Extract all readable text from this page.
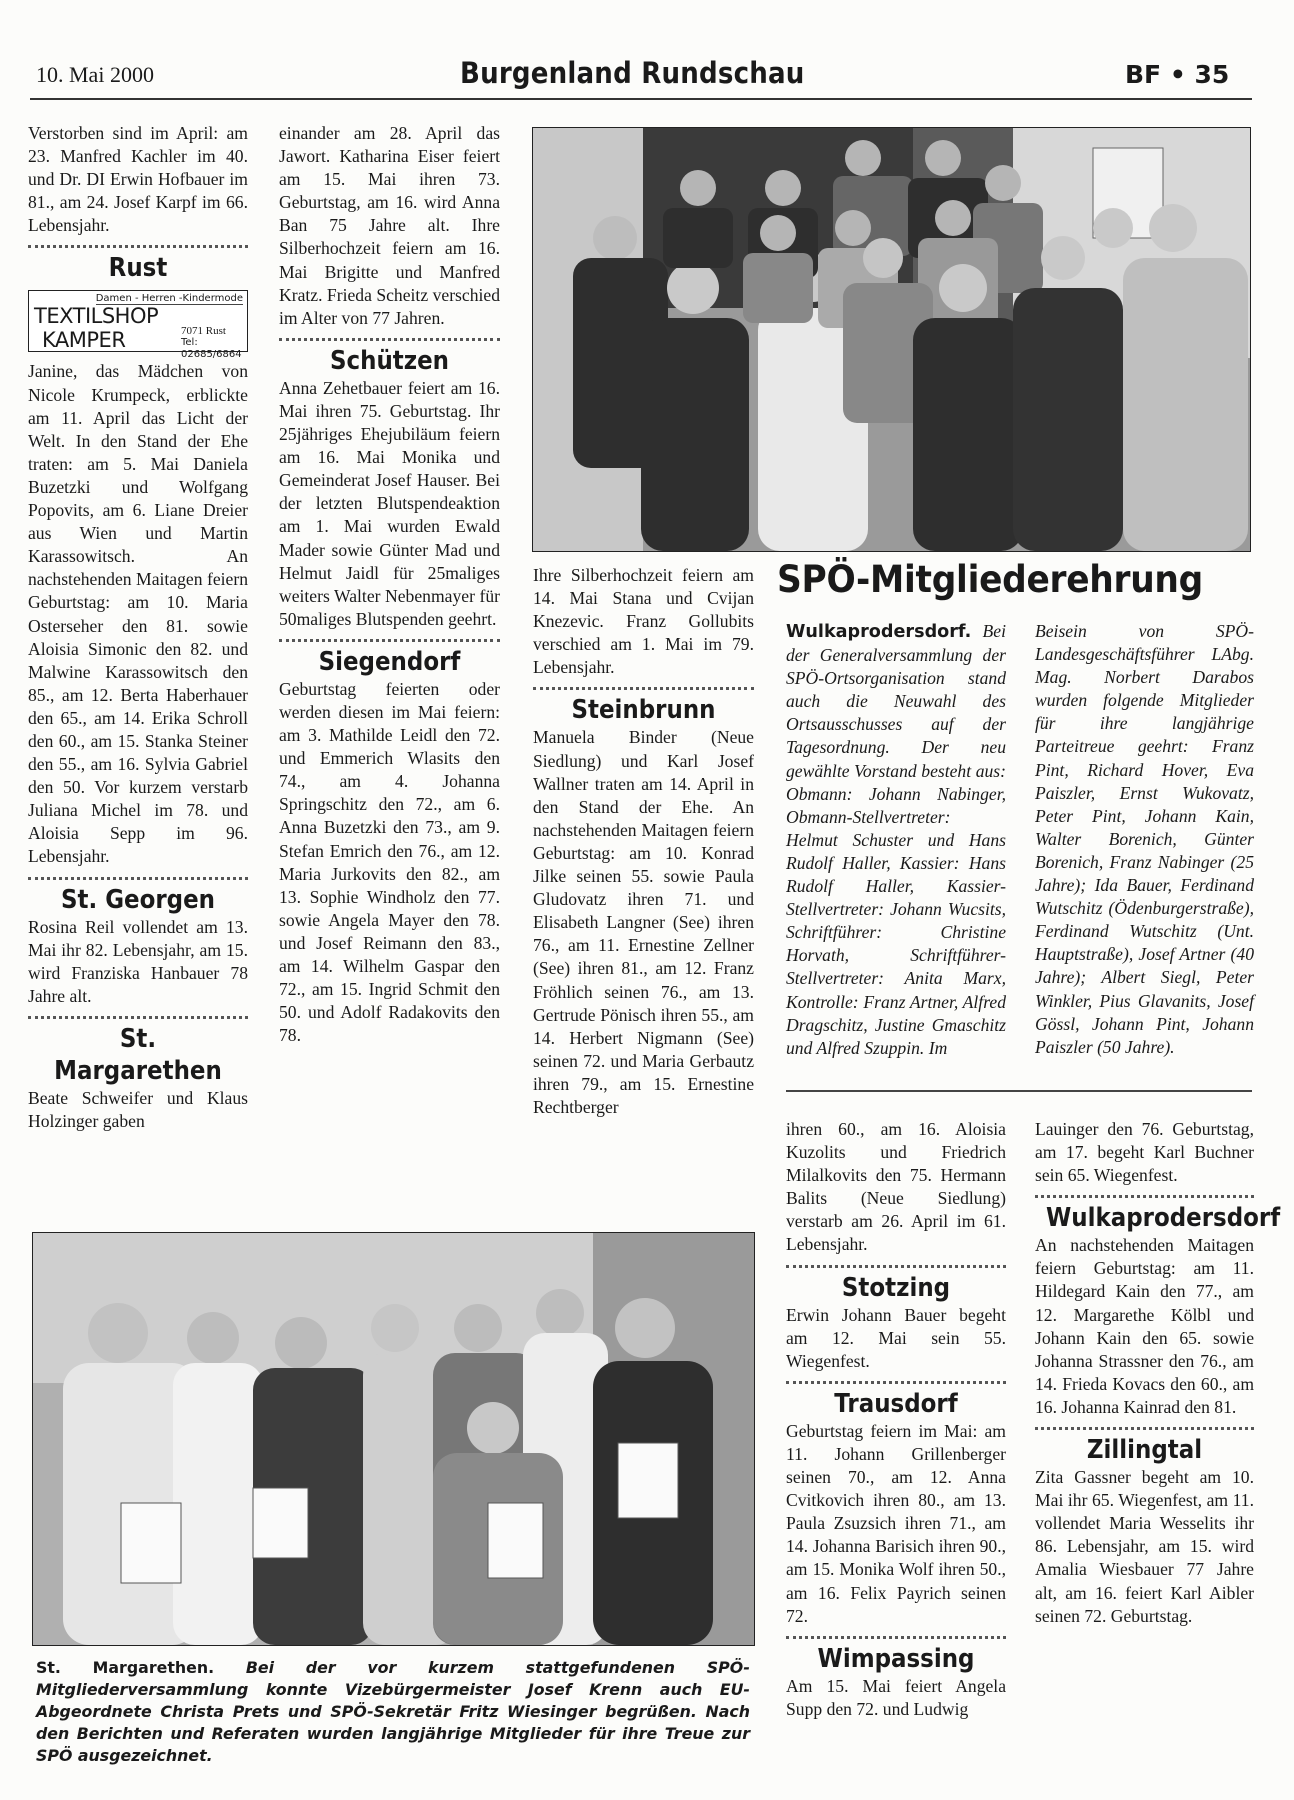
10. Mai 2000	Burgenland Rundschau	BF • 35

Verstorben sind im April: am 23. Manfred Kachler im 40. und Dr. DI Erwin Hofbauer im 81., am 24. Josef Karpf im 66. Lebensjahr.

Rust
Damen - Herren -Kindermode
TEXTILSHOP
KAMPER	7071 Rust
Tel: 02685/6864

Janine, das Mädchen von Nicole Krumpeck, erblickte am 11. April das Licht der Welt. In den Stand der Ehe traten: am 5. Mai Daniela Buzetzki und Wolfgang Popovits, am 6. Liane Dreier aus Wien und Martin Karassowitsch. An nachstehenden Maitagen feiern Geburtstag: am 10. Maria Osterseher den 81. sowie Aloisia Simonic den 82. und Malwine Karassowitsch den 85., am 12. Berta Haberhauer den 65., am 14. Erika Schroll den 60., am 15. Stanka Steiner den 55., am 16. Sylvia Gabriel den 50. Vor kurzem verstarb Juliana Michel im 78. und Aloisia Sepp im 96. Lebensjahr.

St. Georgen

Rosina Reil vollendet am 13. Mai ihr 82. Lebensjahr, am 15. wird Franziska Hanbauer 78 Jahre alt.

St. Margarethen

Beate Schweifer und Klaus Holzinger gaben

einander am 28. April das Jawort. Katharina Eiser feiert am 15. Mai ihren 73. Geburtstag, am 16. wird Anna Ban 75 Jahre alt. Ihre Silberhochzeit feiern am 16. Mai Brigitte und Manfred Kratz. Frieda Scheitz verschied im Alter von 77 Jahren.

Schützen

Anna Zehetbauer feiert am 16. Mai ihren 75. Geburtstag. Ihr 25jähriges Ehejubiläum feiern am 16. Mai Monika und Gemeinderat Josef Hauser. Bei der letzten Blutspendeaktion am 1. Mai wurden Ewald Mader sowie Günter Mad und Helmut Jaidl für 25maliges weiters Walter Nebenmayer für 50maliges Blutspenden geehrt.

Siegendorf

Geburtstag feierten oder werden diesen im Mai feiern: am 3. Mathilde Leidl den 72. und Emmerich Wlasits den 74., am 4. Johanna Springschitz den 72., am 6. Anna Buzetzki den 73., am 9. Stefan Emrich den 76., am 12. Maria Jurkovits den 82., am 13. Sophie Windholz den 77. sowie Angela Mayer den 78. und Josef Reimann den 83., am 14. Wilhelm Gaspar den 72., am 15. Ingrid Schmit den 50. und Adolf Radakovits den 78.

Ihre Silberhochzeit feiern am 14. Mai Stana und Cvijan Knezevic. Franz Gollubits verschied am 1. Mai im 79. Lebensjahr.

Steinbrunn

Manuela Binder (Neue Siedlung) und Karl Josef Wallner traten am 14. April in den Stand der Ehe. An nachstehenden Maitagen feiern Geburtstag: am 10. Konrad Jilke seinen 55. sowie Paula Gludovatz ihren 71. und Elisabeth Langner (See) ihren 76., am 11. Ernestine Zellner (See) ihren 81., am 12. Franz Fröhlich seinen 76., am 13. Gertrude Pönisch ihren 55., am 14. Herbert Nigmann (See) seinen 72. und Maria Gerbautz ihren 79., am 15. Ernestine Rechtberger

SPÖ-Mitgliederehrung

Wulkaprodersdorf. Bei der Generalversammlung der SPÖ-Ortsorganisation stand auch die Neuwahl des Ortsausschusses auf der Tagesordnung. Der neu gewählte Vorstand besteht aus: Obmann: Johann Nabinger, Obmann-Stellvertreter: Helmut Schuster und Hans Rudolf Haller, Kassier: Hans Rudolf Haller, Kassier-Stellvertreter: Johann Wucsits, Schriftführer: Christine Horvath, Schriftführer-Stellvertreter: Anita Marx, Kontrolle: Franz Artner, Alfred Dragschitz, Justine Gmaschitz und Alfred Szuppin. Im

Beisein von SPÖ-Landesgeschäftsführer LAbg. Mag. Norbert Darabos wurden folgende Mitglieder für ihre langjährige Parteitreue geehrt: Franz Pint, Richard Hover, Eva Paiszler, Ernst Wukovatz, Peter Pint, Johann Kain, Walter Borenich, Günter Borenich, Franz Nabinger (25 Jahre); Ida Bauer, Ferdinand Wutschitz (Ödenburgerstraße), Ferdinand Wutschitz (Unt. Hauptstraße), Josef Artner (40 Jahre); Albert Siegl, Peter Winkler, Pius Glavanits, Josef Gössl, Johann Pint, Johann Paiszler (50 Jahre).

St. Margarethen. Bei der vor kurzem stattgefundenen SPÖ-Mitgliederversammlung konnte Vizebürgermeister Josef Krenn auch EU-Abgeordnete Christa Prets und SPÖ-Sekretär Fritz Wiesinger begrüßen. Nach den Berichten und Referaten wurden langjährige Mitglieder für ihre Treue zur SPÖ ausgezeichnet.

ihren 60., am 16. Aloisia Kuzolits und Friedrich Milalkovits den 75. Hermann Balits (Neue Siedlung) verstarb am 26. April im 61. Lebensjahr.

Stotzing

Erwin Johann Bauer begeht am 12. Mai sein 55. Wiegenfest.

Trausdorf

Geburtstag feiern im Mai: am 11. Johann Grillenberger seinen 70., am 12. Anna Cvitkovich ihren 80., am 13. Paula Zsuzsich ihren 71., am 14. Johanna Barisich ihren 90., am 15. Monika Wolf ihren 50., am 16. Felix Payrich seinen 72.

Wimpassing

Am 15. Mai feiert Angela Supp den 72. und Ludwig

Lauinger den 76. Geburtstag, am 17. begeht Karl Buchner sein 65. Wiegenfest.

Wulkaprodersdorf

An nachstehenden Maitagen feiern Geburtstag: am 11. Hildegard Kain den 77., am 12. Margarethe Kölbl und Johann Kain den 65. sowie Johanna Strassner den 76., am 14. Frieda Kovacs den 60., am 16. Johanna Kainrad den 81.

Zillingtal

Zita Gassner begeht am 10. Mai ihr 65. Wiegenfest, am 11. vollendet Maria Wesselits ihr 86. Lebensjahr, am 15. wird Amalia Wiesbauer 77 Jahre alt, am 16. feiert Karl Aibler seinen 72. Geburtstag.
